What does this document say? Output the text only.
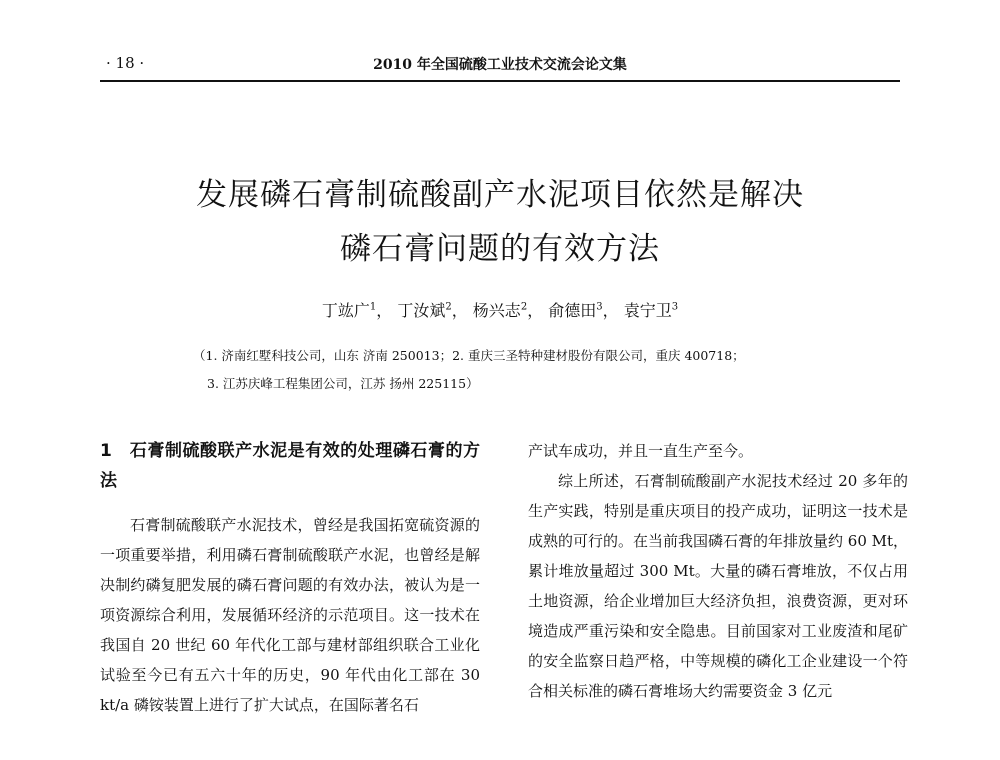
· 18 ·	2010 年全国硫酸工业技术交流会论文集
发展磷石膏制硫酸副产水泥项目依然是解决
磷石膏问题的有效方法
丁竑广$^1$， 丁汝斌$^2$， 杨兴志$^2$， 俞德田$^3$， 袁宁卫$^3$
（1. 济南红墅科技公司，山东 济南 250013；2. 重庆三圣特种建材股份有限公司，重庆 400718；
3. 江苏庆峰工程集团公司，江苏 扬州 225115）

1　石膏制硫酸联产水泥是有效的处理磷石膏的方法

石膏制硫酸联产水泥技术，曾经是我国拓宽硫资源的一项重要举措，利用磷石膏制硫酸联产水泥，也曾经是解决制约磷复肥发展的磷石膏问题的有效办法，被认为是一项资源综合利用，发展循环经济的示范项目。这一技术在我国自 20 世纪 60 年代化工部与建材部组织联合工业化试验至今已有五六十年的历史，90 年代由化工部在 30 kt/a 磷铵装置上进行了扩大试点，在国际著名石

产试车成功，并且一直生产至今。

综上所述，石膏制硫酸副产水泥技术经过 20 多年的生产实践，特别是重庆项目的投产成功，证明这一技术是成熟的可行的。在当前我国磷石膏的年排放量约 60 Mt，累计堆放量超过 300 Mt。大量的磷石膏堆放，不仅占用土地资源，给企业增加巨大经济负担，浪费资源，更对环境造成严重污染和安全隐患。目前国家对工业废渣和尾矿的安全监察日趋严格，中等规模的磷化工企业建设一个符合相关标准的磷石膏堆场大约需要资金 3 亿元
